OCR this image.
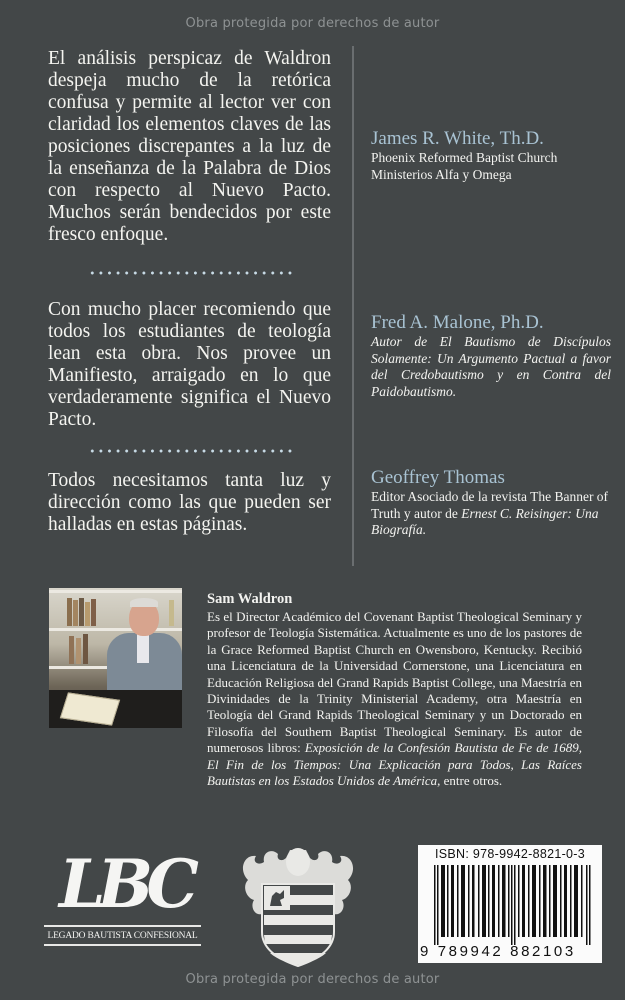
Obra protegida por derechos de autor
El análisis perspicaz de Waldron despeja mucho de la retórica confusa y permite al lector ver con claridad los elementos claves de las posiciones discrepantes a la luz de la enseñanza de la Palabra de Dios con respecto al Nuevo Pacto. Muchos serán bendecidos por este fresco enfoque.
Con mucho placer recomiendo que todos los estudiantes de teología lean esta obra. Nos provee un Manifiesto, arraigado en lo que verdaderamente significa el Nuevo Pacto.
Todos necesitamos tanta luz y dirección como las que pueden ser halladas en estas páginas.
James R. White, Th.D.
Phoenix Reformed Baptist Church
Ministerios Alfa y Omega
Fred A. Malone, Ph.D.
Autor de El Bautismo de Discípulos Solamente: Un Argumento Pactual a favor del Credobautismo y en Contra del Paidobautismo.
Geoffrey Thomas
Editor Asociado de la revista The Banner of Truth y autor de Ernest C. Reisinger: Una Biografía.
Sam Waldron
Es el Director Académico del Covenant Baptist Theological Seminary y profesor de Teología Sistemática. Actualmente es uno de los pastores de la Grace Reformed Baptist Church en Owensboro, Kentucky. Recibió una Licenciatura de la Universidad Cornerstone, una Licenciatura en Educación Religiosa del Grand Rapids Baptist College, una Maestría en Divinidades de la Trinity Ministerial Academy, otra Maestría en Teología del Grand Rapids Theological Seminary y un Doctorado en Filosofía del Southern Baptist Theological Seminary. Es autor de numerosos libros: Exposición de la Confesión Bautista de Fe de 1689, El Fin de los Tiempos: Una Explicación para Todos, Las Raíces Bautistas en los Estados Unidos de América, entre otros.
LBC
LEGADO BAUTISTA CONFESIONAL
ISBN: 978-9942-8821-0-3
9 789942 882103
Obra protegida por derechos de autor
